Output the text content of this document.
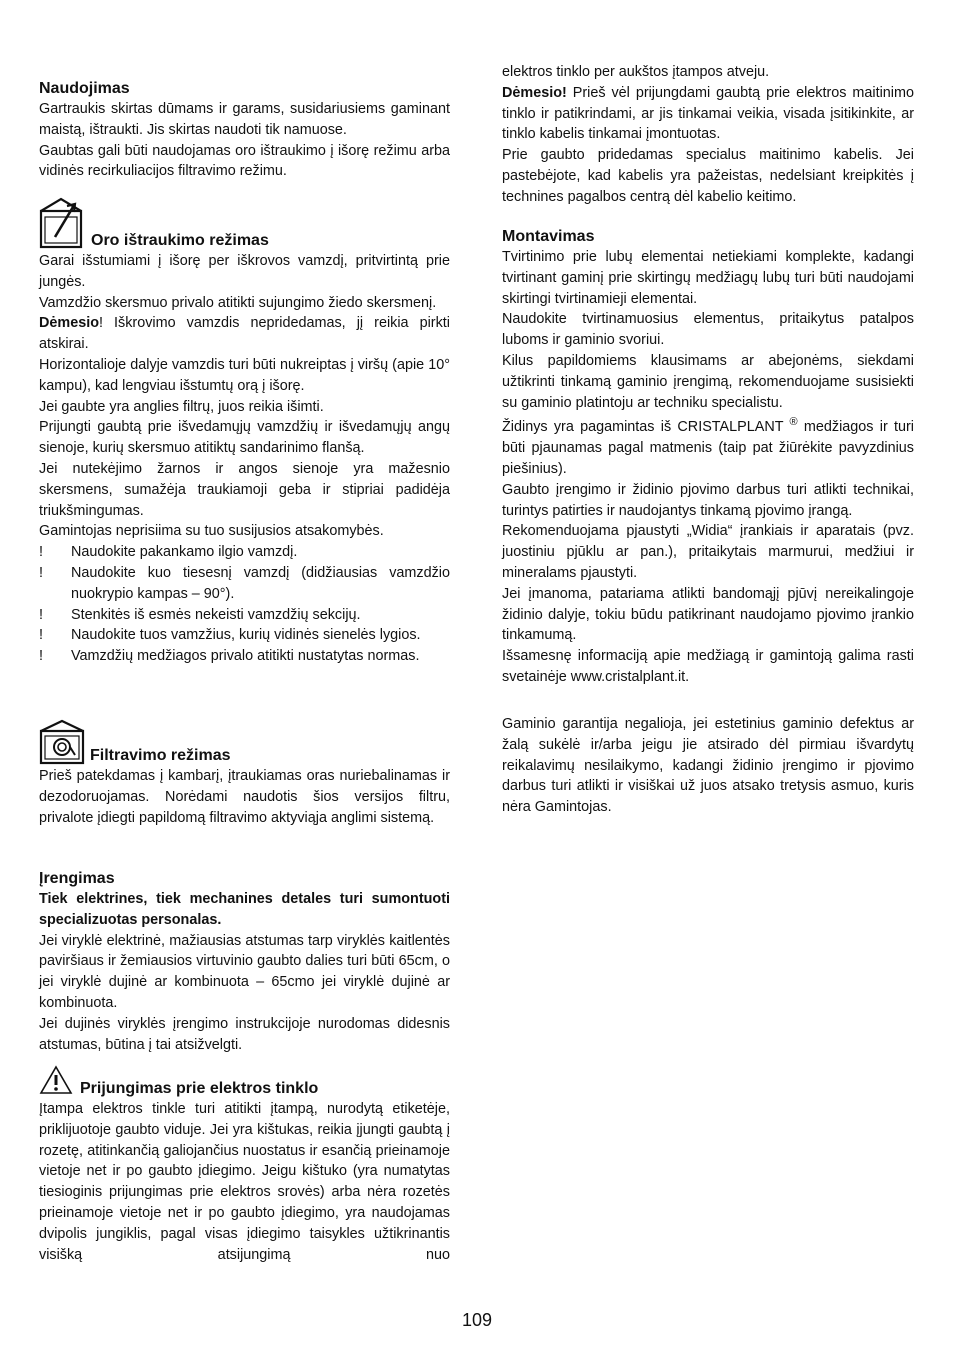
Naudojimas

Gartraukis skirtas dūmams ir garams, susidariusiems gaminant maistą, ištraukti. Jis skirtas naudoti tik namuose.

Gaubtas gali būti naudojamas oro ištraukimo į išorę režimu arba vidinės recirkuliacijos filtravimo režimu.

Oro ištraukimo režimas

Garai išstumiami į išorę per iškrovos vamzdį, pritvirtintą prie jungės.

Vamzdžio skersmuo privalo atitikti sujungimo žiedo skersmenį.

Dėmesio! Iškrovimo vamzdis nepridedamas, jį reikia pirkti atskirai.

Horizontalioje dalyje vamzdis turi būti nukreiptas į viršų (apie 10° kampu), kad lengviau išstumtų orą į išorę.

Jei gaubte yra anglies filtrų, juos reikia išimti.

Prijungti gaubtą prie išvedamųjų vamzdžių ir išvedamųjų angų sienoje, kurių skersmuo atitiktų sandarinimo flanšą.

Jei nutekėjimo žarnos ir angos sienoje yra mažesnio skersmens, sumažėja traukiamoji geba ir stipriai padidėja triukšmingumas.

Gamintojas neprisiima su tuo susijusios atsakomybės.

! Naudokite pakankamo ilgio vamzdį.
! Naudokite kuo tiesesnį vamzdį (didžiausias vamzdžio nuokrypio kampas – 90°).
! Stenkitės iš esmės nekeisti vamzdžių sekcijų.
! Naudokite tuos vamzžius, kurių vidinės sienelės lygios.
! Vamzdžių medžiagos privalo atitikti nustatytas normas.
Filtravimo režimas

Prieš patekdamas į kambarį, įtraukiamas oras nuriebalinamas ir dezodoruojamas. Norėdami naudotis šios versijos filtru, privalote įdiegti papildomą filtravimo aktyviąja anglimi sistemą.

Įrengimas

Tiek elektrines, tiek mechanines detales turi sumontuoti specializuotas personalas.

Jei viryklė elektrinė, mažiausias atstumas tarp viryklės kaitlentės paviršiaus ir žemiausios virtuvinio gaubto dalies turi būti 65cm, o jei viryklė dujinė ar kombinuota – 65cmo jei viryklė dujinė ar kombinuota.

Jei dujinės viryklės įrengimo instrukcijoje nurodomas didesnis atstumas, būtina į tai atsižvelgti.

Prijungimas prie elektros tinklo

Įtampa elektros tinkle turi atitikti įtampą, nurodytą etiketėje, priklijuotoje gaubto viduje. Jei yra kištukas, reikia įjungti gaubtą į rozetę, atitinkančią galiojančius nuostatus ir esančią prieinamoje vietoje net ir po gaubto įdiegimo. Jeigu kištuko (yra numatytas tiesioginis prijungimas prie elektros srovės) arba nėra rozetės prieinamoje vietoje net ir po gaubto įdiegimo, yra naudojamas dvipolis jungiklis, pagal visas įdiegimo taisykles užtikrinantis visišką atsijungimą nuo

elektros tinklo per aukštos įtampos atveju.

Dėmesio! Prieš vėl prijungdami gaubtą prie elektros maitinimo tinklo ir patikrindami, ar jis tinkamai veikia, visada įsitikinkite, ar tinklo kabelis tinkamai įmontuotas.

Prie gaubto pridedamas specialus maitinimo kabelis. Jei pastebėjote, kad kabelis yra pažeistas, nedelsiant kreipkitės į technines pagalbos centrą dėl kabelio keitimo.

Montavimas

Tvirtinimo prie lubų elementai netiekiami komplekte, kadangi tvirtinant gaminį prie skirtingų medžiagų lubų turi būti naudojami skirtingi tvirtinamieji elementai.

Naudokite tvirtinamuosius elementus, pritaikytus patalpos luboms ir gaminio svoriui.

Kilus papildomiems klausimams ar abejonėms, siekdami užtikrinti tinkamą gaminio įrengimą, rekomenduojame susisiekti su gaminio platintoju ar techniku specialistu.

Židinys yra pagamintas iš CRISTALPLANT ® medžiagos ir turi būti pjaunamas pagal matmenis (taip pat žiūrėkite pavyzdinius piešinius).

Gaubto įrengimo ir židinio pjovimo darbus turi atlikti technikai, turintys patirties ir naudojantys tinkamą pjovimo įrangą.

Rekomenduojama pjaustyti „Widia“ įrankiais ir aparatais (pvz. juostiniu pjūklu ar pan.), pritaikytais marmurui, medžiui ir mineralams pjaustyti.

Jei įmanoma, patariama atlikti bandomąjį pjūvį nereikalingoje židinio dalyje, tokiu būdu patikrinant naudojamo pjovimo įrankio tinkamumą.

Išsamesnę informaciją apie medžiagą ir gamintoją galima rasti svetainėje www.cristalplant.it.

Gaminio garantija negalioja, jei estetinius gaminio defektus ar žalą sukėlė ir/arba jeigu jie atsirado dėl pirmiau išvardytų reikalavimų nesilaikymo, kadangi židinio įrengimo ir pjovimo darbus turi atlikti ir visiškai už juos atsako tretysis asmuo, kuris nėra Gamintojas.

109
